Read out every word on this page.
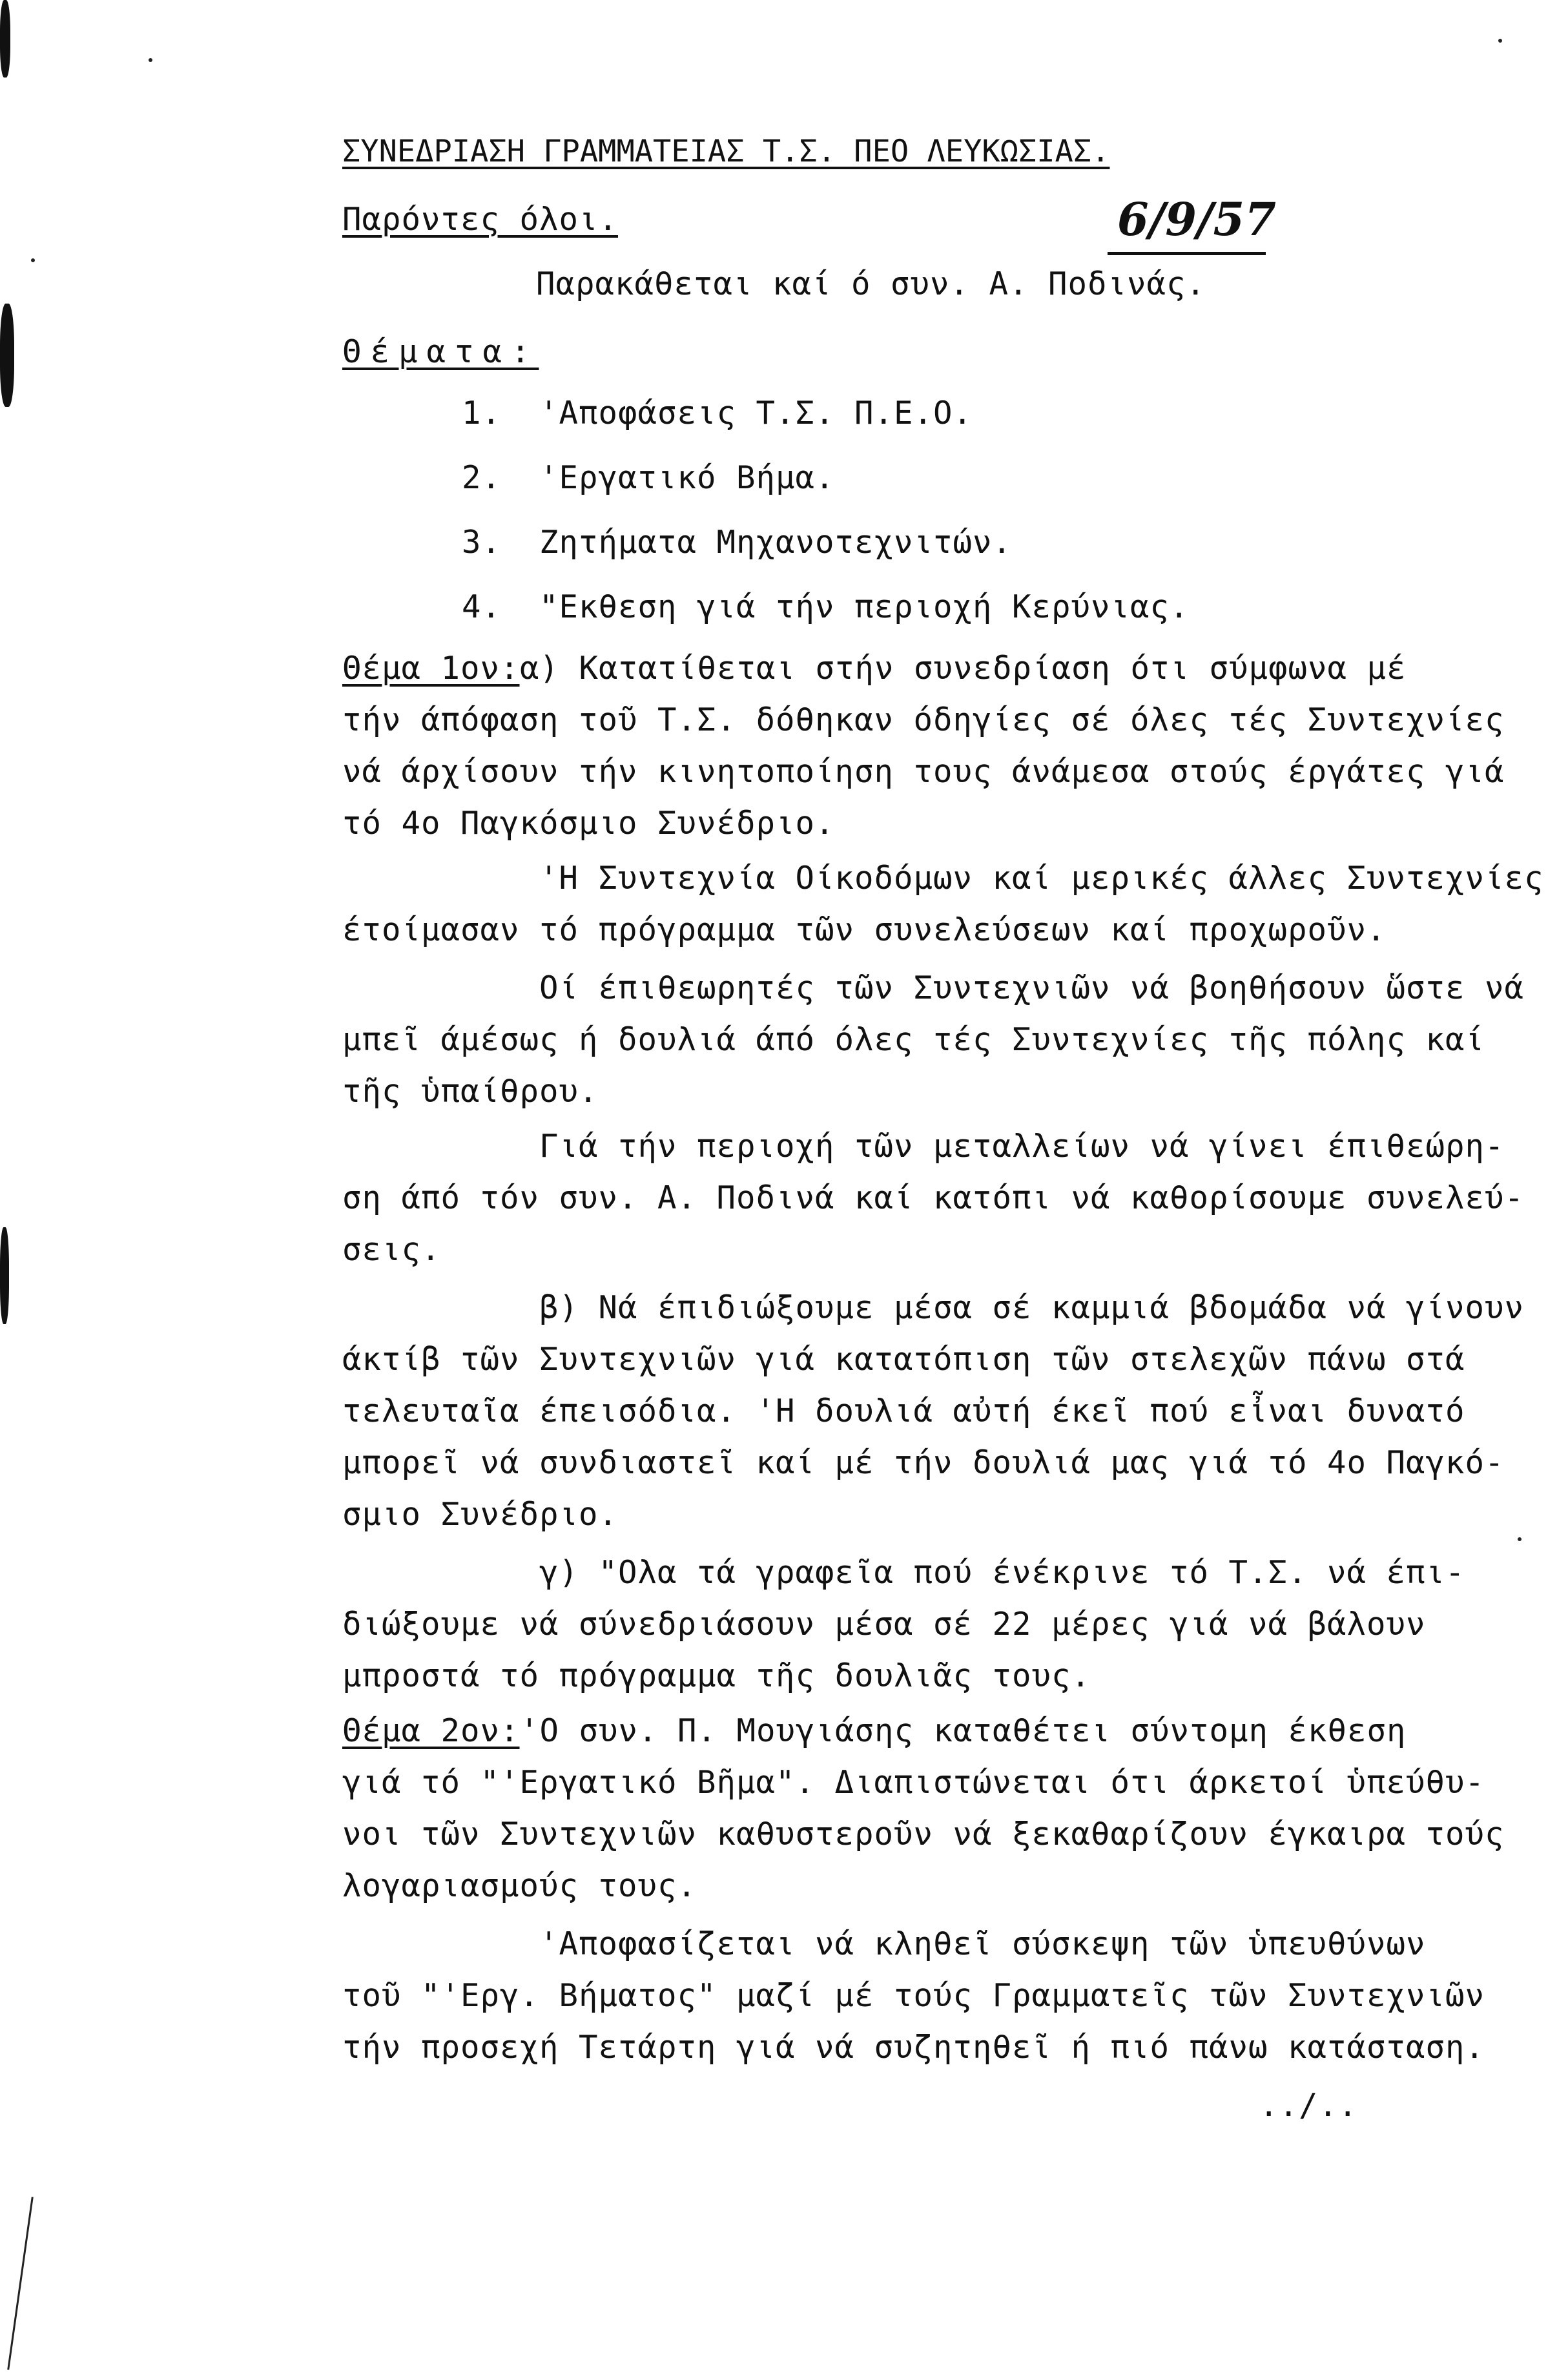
ΣΥΝΕΔΡΙΑΣΗ ΓΡΑΜΜΑΤΕΙΑΣ Τ.Σ. ΠΕΟ ΛΕΥΚΩΣΙΑΣ.
Παρόντες όλοι.	6/9/57
Παρακάθεται καί ό συν. Α. Ποδινάς.
Θέματα:
1. 'Αποφάσεις Τ.Σ. Π.Ε.Ο.
2. 'Εργατικό Βήμα.
3. Ζητήματα Μηχανοτεχνιτών.
4. "Εκθεση γιά τήν περιοχή Κερύνιας.
Θέμα 1ον: α) Κατατίθεται στήν συνεδρίαση ότι σύμφωνα μέ
τήν άπόφαση τοῦ Τ.Σ. δόθηκαν όδηγίες σέ όλες τές Συντεχνίες
νά άρχίσουν τήν κινητοποίηση τους άνάμεσα στούς έργάτες γιά
τό 4ο Παγκόσμιο Συνέδριο.
'Η Συντεχνία Οίκοδόμων καί μερικές άλλες Συντεχνίες
έτοίμασαν τό πρόγραμμα τῶν συνελεύσεων καί προχωροῦν.
Οί έπιθεωρητές τῶν Συντεχνιῶν νά βοηθήσουν ὥστε νά
μπεῖ άμέσως ή δουλιά άπό όλες τές Συντεχνίες τῆς πόλης καί
τῆς ὑπαίθρου.
Γιά τήν περιοχή τῶν μεταλλείων νά γίνει έπιθεώρη-
ση άπό τόν συν. Α. Ποδινά καί κατόπι νά καθορίσουμε συνελεύ-
σεις.
β) Νά έπιδιώξουμε μέσα σέ καμμιά βδομάδα νά γίνουν
άκτίβ τῶν Συντεχνιῶν γιά κατατόπιση τῶν στελεχῶν πάνω στά
τελευταῖα έπεισόδια. 'Η δουλιά αὐτή έκεῖ πού εἶναι δυνατό
μπορεῖ νά συνδιαστεῖ καί μέ τήν δουλιά μας γιά τό 4ο Παγκό-
σμιο Συνέδριο.
γ) "Ολα τά γραφεῖα πού ένέκρινε τό Τ.Σ. νά έπι-
διώξουμε νά σύνεδριάσουν μέσα σέ 22 μέρες γιά νά βάλουν
μπροστά τό πρόγραμμα τῆς δουλιᾶς τους.
Θέμα 2ον: 'Ο συν. Π. Μουγιάσης καταθέτει σύντομη έκθεση
γιά τό "'Εργατικό Βῆμα". Διαπιστώνεται ότι άρκετοί ὑπεύθυ-
νοι τῶν Συντεχνιῶν καθυστεροῦν νά ξεκαθαρίζουν έγκαιρα τούς
λογαριασμούς τους.
'Αποφασίζεται νά κληθεῖ σύσκεψη τῶν ὑπευθύνων
τοῦ "'Εργ. Βήματος" μαζί μέ τούς Γραμματεῖς τῶν Συντεχνιῶν
τήν προσεχή Τετάρτη γιά νά συζητηθεῖ ή πιό πάνω κατάσταση.
../..
